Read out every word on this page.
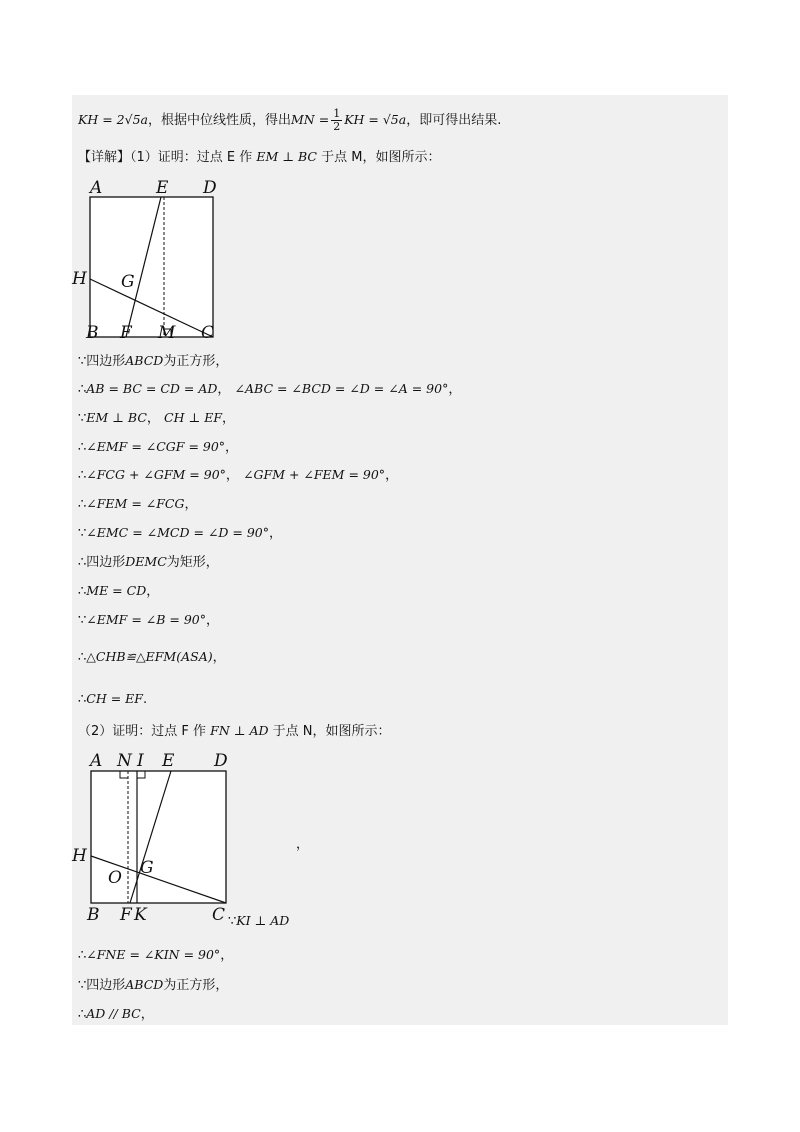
KH = 2√5a，根据中位线性质，得出MN = $\frac{1}{2}$ KH = √5a，即可得出结果.
【详解】（1）证明：过点 E 作 EM ⊥ BC 于点 M，如图所示：
A	E D
H G
B F M C
∵四边形ABCD为正方形，
∴AB = BC = CD = AD， ∠ABC = ∠BCD = ∠D = ∠A = 90°，
∵EM ⊥ BC， CH ⊥ EF，
∴∠EMF = ∠CGF = 90°，
∴∠FCG + ∠GFM = 90°， ∠GFM + ∠FEM = 90°，
∴∠FEM = ∠FCG，
∵∠EMC = ∠MCD = ∠D = 90°，
∴四边形DEMC为矩形，
∴ME = CD，
∵∠EMF = ∠B = 90°，
∴△CHB≌△EFM(ASA)，
∴CH = EF.
（2）证明：过点 F 作 FN ⊥ AD 于点 N，如图所示：
A N I E D
H
O G
B F K	C
，
∵KI ⊥ AD
∴∠FNE = ∠KIN = 90°，
∵四边形ABCD为正方形，
∴AD // BC，
